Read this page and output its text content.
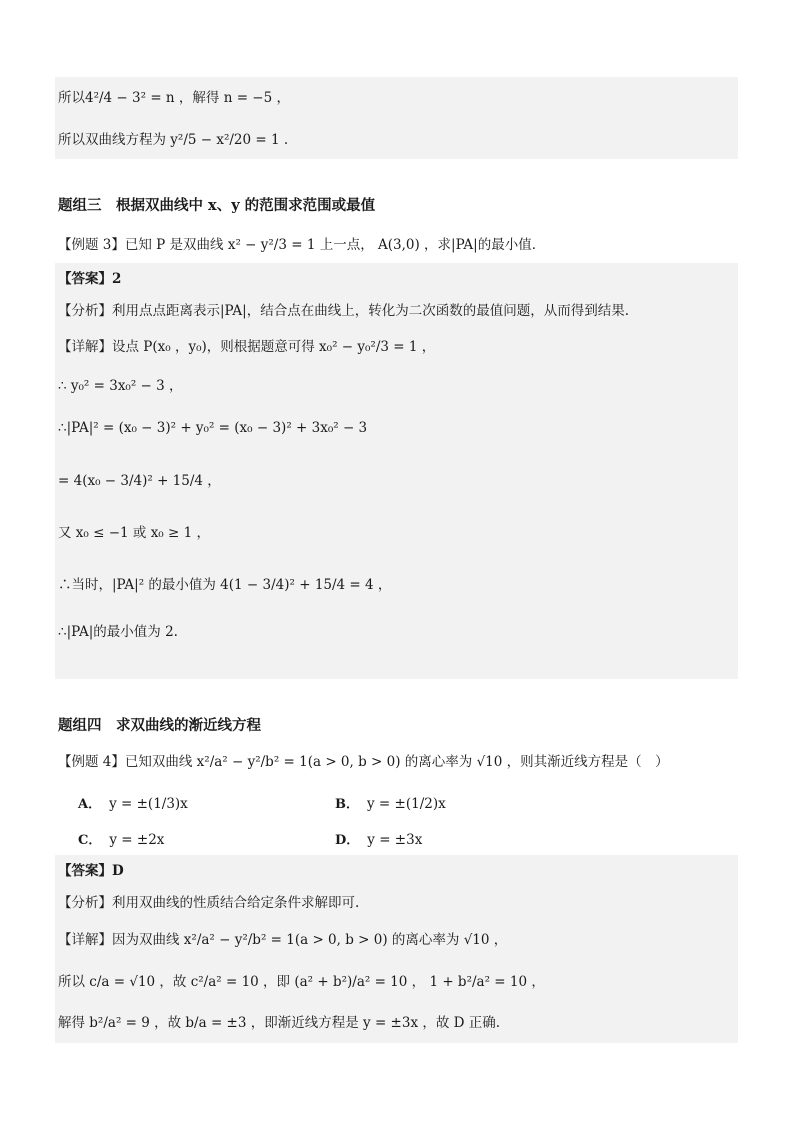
所以4²/4 − 3² = n ，解得 n = −5 ，
所以双曲线方程为 y²/5 − x²/20 = 1 .
题组三　根据双曲线中 x、y 的范围求范围或最值
【例题 3】已知 P 是双曲线 x² − y²/3 = 1 上一点， A(3,0) ，求|PA|的最小值．
【答案】2
【分析】利用点点距离表示|PA|，结合点在曲线上，转化为二次函数的最值问题，从而得到结果.
【详解】设点 P(x₀ ，y₀)，则根据题意可得 x₀² − y₀²/3 = 1 ，
∴ y₀² = 3x₀² − 3 ，
∴|PA|² = (x₀ − 3)² + y₀² = (x₀ − 3)² + 3x₀² − 3
= 4(x₀ − 3/4)² + 15/4 ，
又 x₀ ≤ −1 或 x₀ ≥ 1 ，
∴当时，|PA|² 的最小值为 4(1 − 3/4)² + 15/4 = 4 ，
∴|PA|的最小值为 2.
题组四　求双曲线的渐近线方程
【例题 4】已知双曲线 x²/a² − y²/b² = 1(a > 0, b > 0) 的离心率为 √10 ，则其渐近线方程是（　）
A． y = ±(1/3)x	B． y = ±(1/2)x
C． y = ±2x	D． y = ±3x
【答案】D
【分析】利用双曲线的性质结合给定条件求解即可.
【详解】因为双曲线 x²/a² − y²/b² = 1(a > 0, b > 0) 的离心率为 √10 ，
所以 c/a = √10 ，故 c²/a² = 10 ，即 (a² + b²)/a² = 10 ， 1 + b²/a² = 10 ，
解得 b²/a² = 9 ，故 b/a = ±3 ，即渐近线方程是 y = ±3x ，故 D 正确.
